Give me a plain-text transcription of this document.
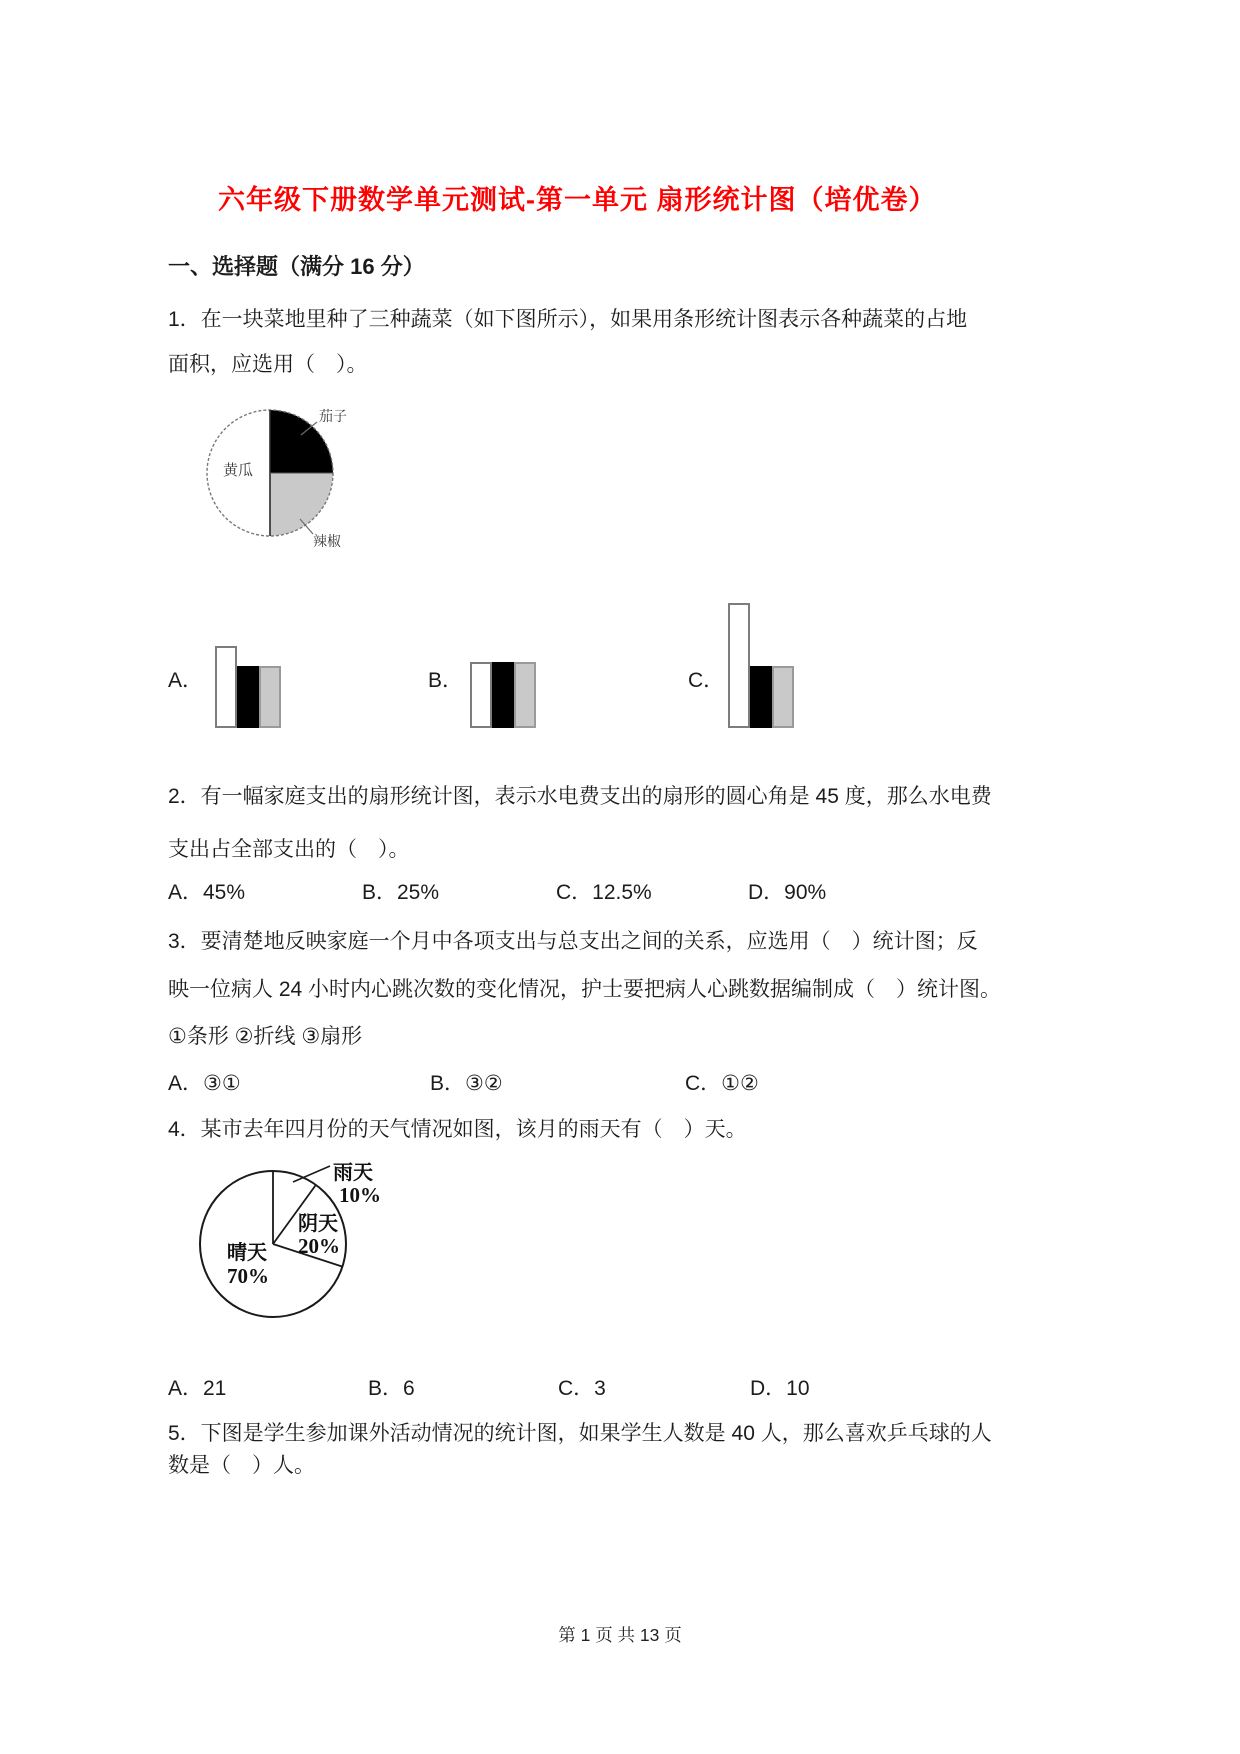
六年级下册数学单元测试-第一单元 扇形统计图（培优卷）
一、选择题（满分 16 分）
1．在一块菜地里种了三种蔬菜（如下图所示），如果用条形统计图表示各种蔬菜的占地
面积，应选用（　）。
茄子
黄瓜
辣椒
A．	B．	C．
2．有一幅家庭支出的扇形统计图，表示水电费支出的扇形的圆心角是 45 度，那么水电费
支出占全部支出的（　）。
A．45%	B．25%	C．12.5%	D．90%
3．要清楚地反映家庭一个月中各项支出与总支出之间的关系，应选用（　）统计图；反
映一位病人 24 小时内心跳次数的变化情况，护士要把病人心跳数据编制成（　）统计图。
①条形 ②折线 ③扇形
A．③①	B．③②	C．①②
4．某市去年四月份的天气情况如图，该月的雨天有（　）天。
雨天
10%
阴天
20%
晴天
70%
A．21	B．6	C．3	D．10
5．下图是学生参加课外活动情况的统计图，如果学生人数是 40 人，那么喜欢乒乓球的人
数是（　）人。
第 1 页 共 13 页
